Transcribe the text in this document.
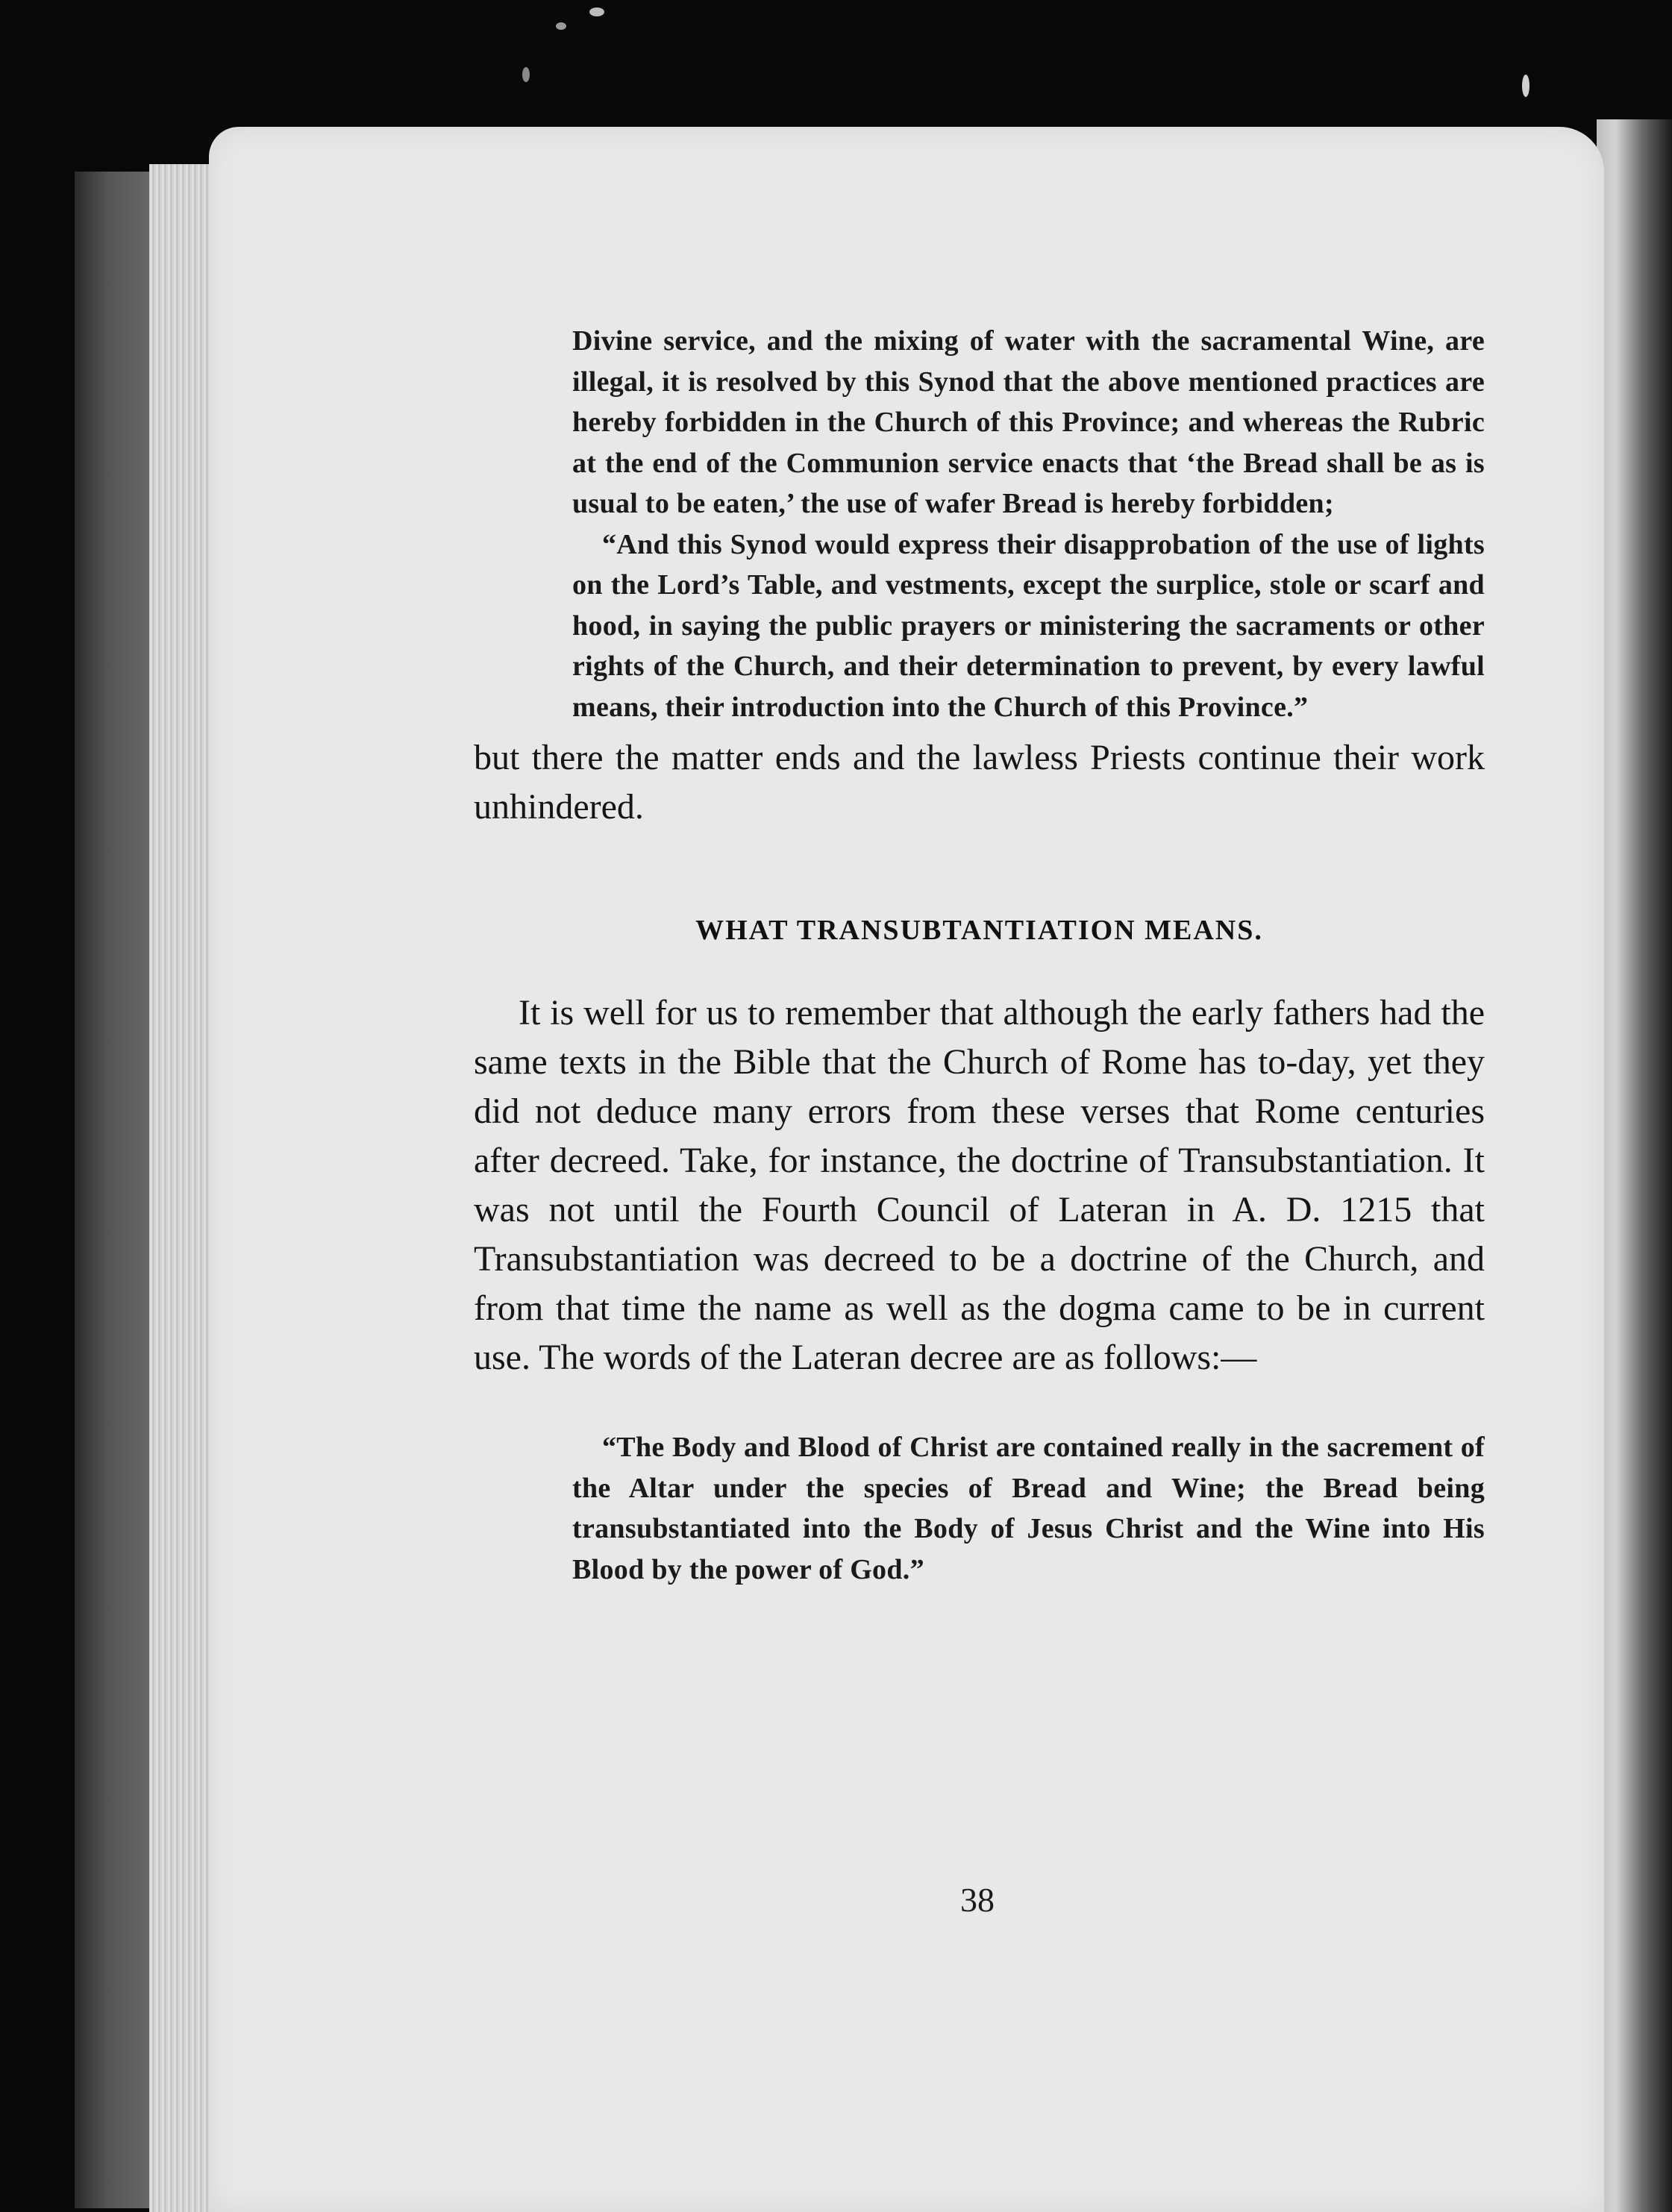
Divine service, and the mixing of water with the sacramental Wine, are illegal, it is resolved by this Synod that the above mentioned practices are hereby forbidden in the Church of this Province; and whereas the Rubric at the end of the Communion service enacts that ‘the Bread shall be as is usual to be eaten,’ the use of wafer Bread is hereby forbidden;

“And this Synod would express their disapprobation of the use of lights on the Lord’s Table, and vestments, except the surplice, stole or scarf and hood, in saying the public prayers or ministering the sacraments or other rights of the Church, and their determination to prevent, by every lawful means, their introduction into the Church of this Province.”

but there the matter ends and the lawless Priests continue their work unhindered.

WHAT TRANSUBTANTIATION MEANS.

It is well for us to remember that although the early fathers had the same texts in the Bible that the Church of Rome has to-day, yet they did not deduce many errors from these verses that Rome centuries after decreed. Take, for instance, the doctrine of Transubstantiation. It was not until the Fourth Council of Lateran in A. D. 1215 that Transubstantiation was decreed to be a doctrine of the Church, and from that time the name as well as the dogma came to be in current use. The words of the Lateran decree are as follows:—

“The Body and Blood of Christ are contained really in the sacrement of the Altar under the species of Bread and Wine; the Bread being transubstantiated into the Body of Jesus Christ and the Wine into His Blood by the power of God.”

38
